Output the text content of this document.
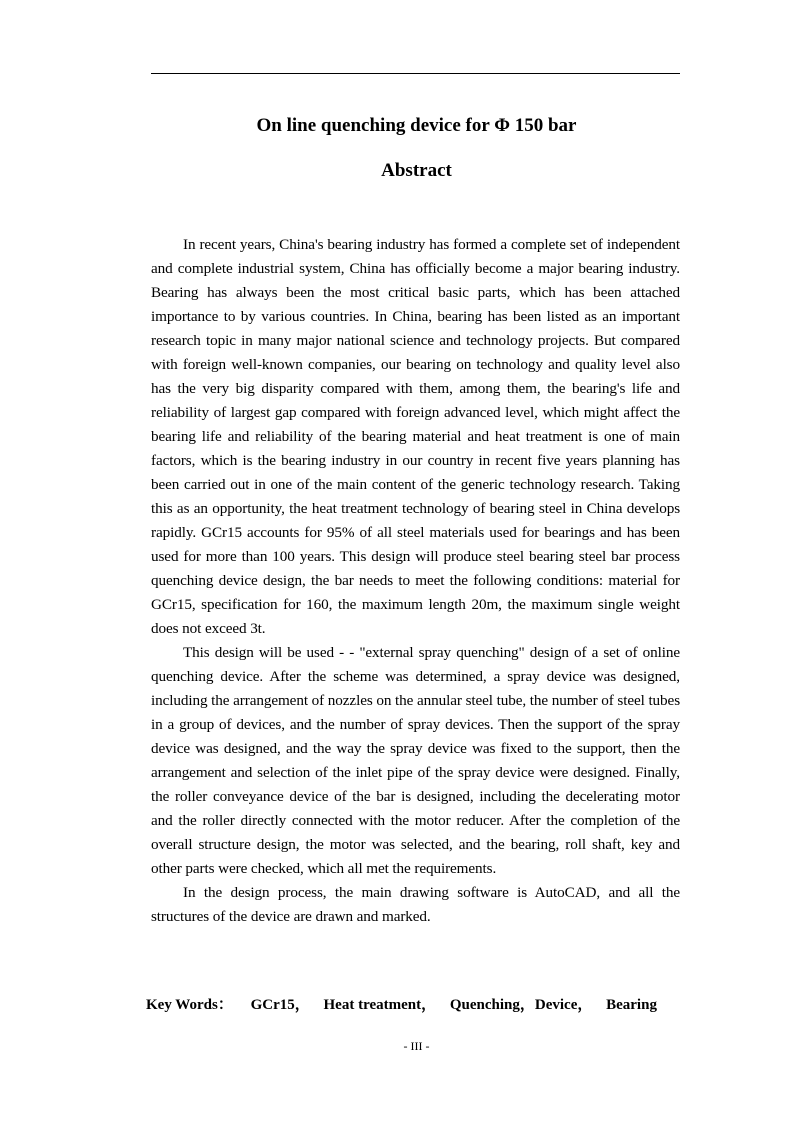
On line quenching device for Φ 150 bar
Abstract

In recent years, China's bearing industry has formed a complete set of independent and complete industrial system, China has officially become a major bearing industry. Bearing has always been the most critical basic parts, which has been attached importance to by various countries. In China, bearing has been listed as an important research topic in many major national science and technology projects. But compared with foreign well-known companies, our bearing on technology and quality level also has the very big disparity compared with them, among them, the bearing's life and reliability of largest gap compared with foreign advanced level, which might affect the bearing life and reliability of the bearing material and heat treatment is one of main factors, which is the bearing industry in our country in recent five years planning has been carried out in one of the main content of the generic technology research. Taking this as an opportunity, the heat treatment technology of bearing steel in China develops rapidly. GCr15 accounts for 95% of all steel materials used for bearings and has been used for more than 100 years. This design will produce steel bearing steel bar process quenching device design, the bar needs to meet the following conditions: material for GCr15, specification for 160, the maximum length 20m, the maximum single weight does not exceed 3t.

This design will be used - - "external spray quenching" design of a set of online quenching device. After the scheme was determined, a spray device was designed, including the arrangement of nozzles on the annular steel tube, the number of steel tubes in a group of devices, and the number of spray devices. Then the support of the spray device was designed, and the way the spray device was fixed to the support, then the arrangement and selection of the inlet pipe of the spray device were designed. Finally, the roller conveyance device of the bar is designed, including the decelerating motor and the roller directly connected with the motor reducer. After the completion of the overall structure design, the motor was selected, and the bearing, roll shaft, key and other parts were checked, which all met the requirements.

In the design process, the main drawing software is AutoCAD, and all the structures of the device are drawn and marked.

Key Words： GCr15， Heat treatment， Quenching，Device， Bearing
- III -
